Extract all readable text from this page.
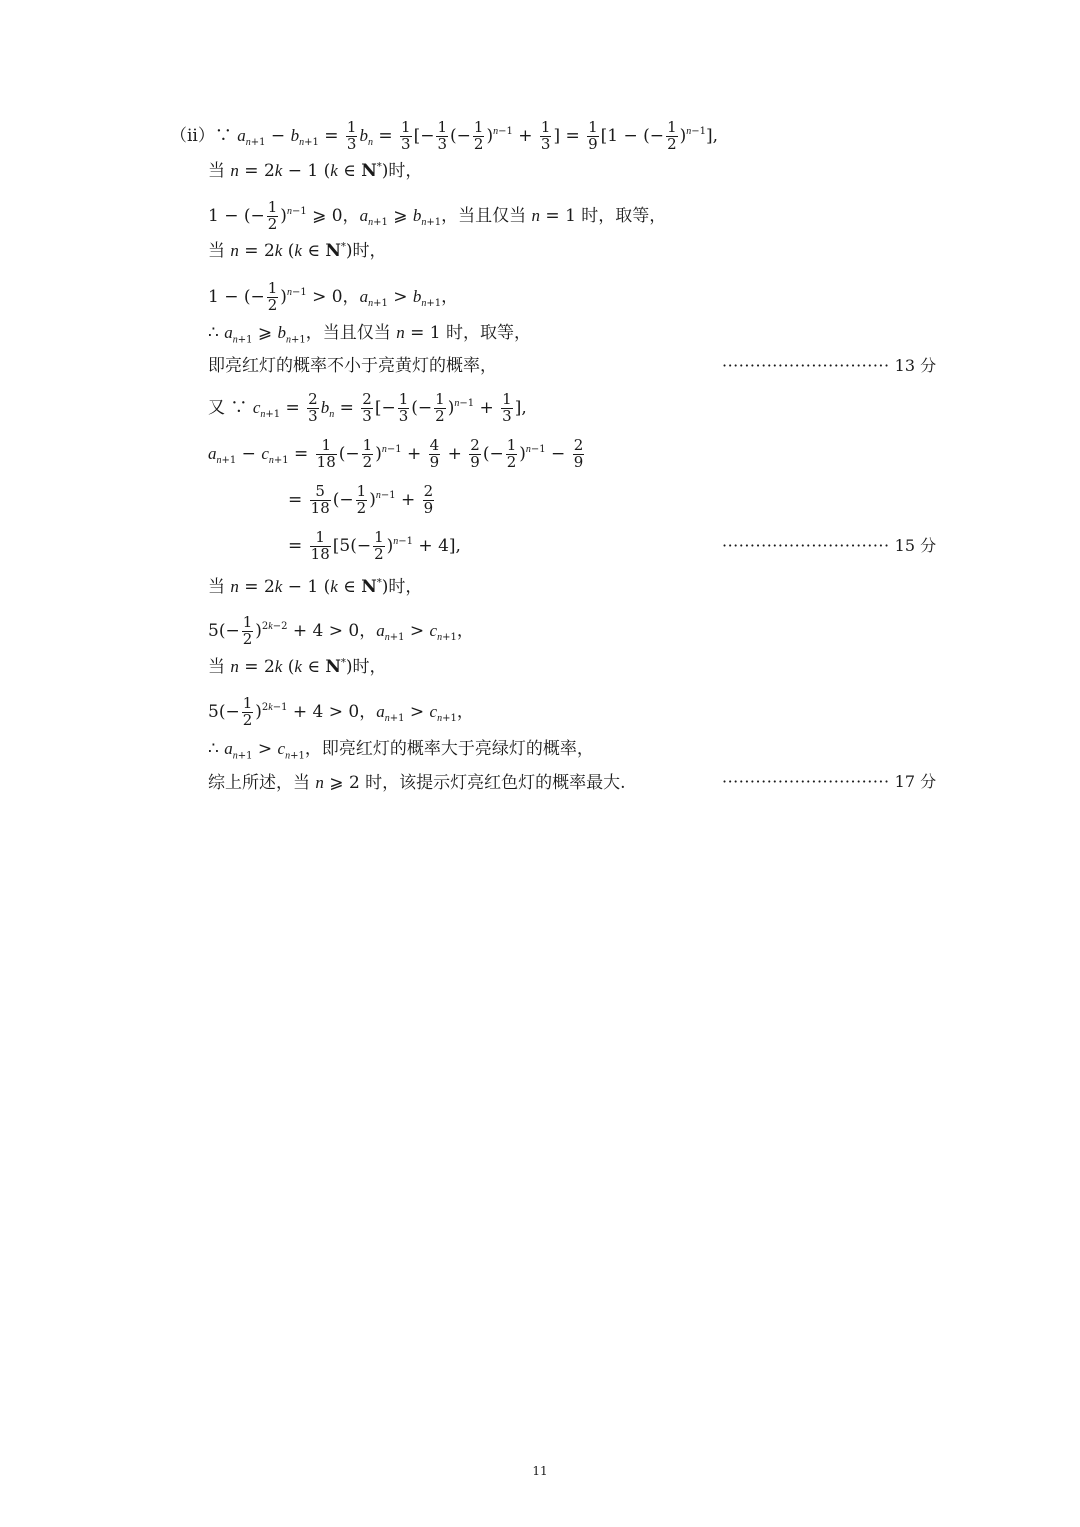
（ii）∵ $a_{n+1} - b_{n+1} = \frac{1}{3} b_n = \frac{1}{3}$ [− $\frac{1}{3}$ (− $\frac{1}{2} )^{n-1} + \frac{1}{3}$ ] = $\frac{1}{9} [1$ − (− $\frac{1}{2} )^{n-1}$],
当 n = 2k − 1 (k ∈ N*)时，
1 − (− $\frac{1}{2} )^{n-1}$ ⩾ 0，$a_{n+1}$ ⩾ $b_{n+1}$，当且仅当 n = 1 时，取等，
当 n = 2k (k ∈ N*)时，
1 − (− $\frac{1}{2} )^{n-1} > 0$，$a_{n+1} > b_{n+1}$，
∴ $a_{n+1}$ ⩾ $b_{n+1}$，当且仅当 n = 1 时，取等，
即亮红灯的概率不小于亮黄灯的概率，	······························ 13 分
又 ∵ $c_{n+1} = \frac{2}{3} b_n = \frac{2}{3}$ [− $\frac{1}{3}$ (− $\frac{1}{2} )^{n-1} + \frac{1}{3}$ ],
$a_{n+1} - c_{n+1} = \frac{1}{18}$ (− $\frac{1}{2} )^{n-1} + \frac{4}{9} + \frac{2}{9}$ (− $\frac{1}{2} )^{n-1} - \frac{2}{9}$
= $\frac{5}{18}$ (− $\frac{1}{2} )^{n-1} + \frac{2}{9}$
= $\frac{1}{18} [5(- \frac{1}{2} )^{n-1} + 4]$,	······························ 15 分
当 n = 2k − 1 (k ∈ N*)时，
$5(- \frac{1}{2} )^{2k-2} + 4 > 0$，$a_{n+1} > c_{n+1}$，
当 n = 2k (k ∈ N*)时，
$5(- \frac{1}{2} )^{2k-1} + 4 > 0$，$a_{n+1} > c_{n+1}$，
∴ $a_{n+1} > c_{n+1}$，即亮红灯的概率大于亮绿灯的概率，
综上所述，当 n ⩾ 2 时，该提示灯亮红色灯的概率最大.	······························ 17 分
11
